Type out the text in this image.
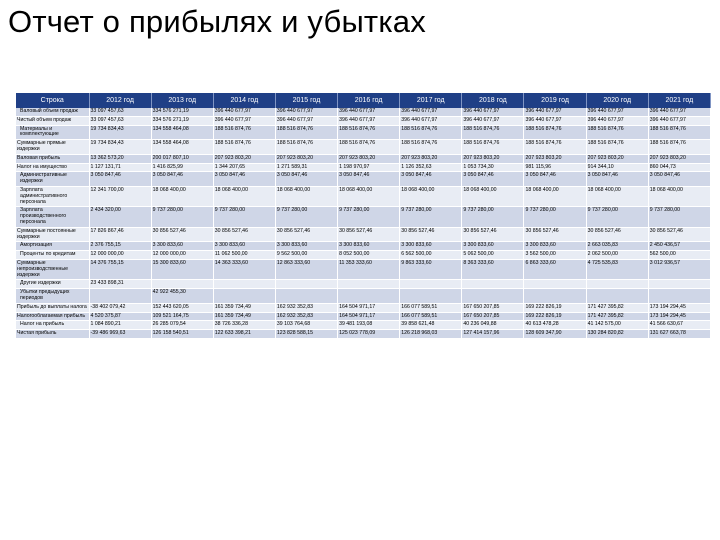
Отчет о прибылях и убытках
Строка	2012 год	2013 год	2014 год	2015 год	2016 год	2017 год	2018 год	2019 год	2020 год	2021 год
Валовый объем продаж	33 097 457,63	334 576 271,19	396 440 677,97	396 440 677,97	396 440 677,97	396 440 677,97	396 440 677,97	396 440 677,97	396 440 677,97	396 440 677,97
Чистый объем продаж	33 097 457,63	334 576 271,19	396 440 677,97	396 440 677,97	396 440 677,97	396 440 677,97	396 440 677,97	396 440 677,97	396 440 677,97	396 440 677,97
Материалы и комплектующие	19 734 834,43	134 558 464,08	188 516 874,76	188 516 874,76	188 516 874,76	188 516 874,76	188 516 874,76	188 516 874,76	188 516 874,76	188 516 874,76
Суммарные прямые издержки	19 734 834,43	134 558 464,08	188 516 874,76	188 516 874,76	188 516 874,76	188 516 874,76	188 516 874,76	188 516 874,76	188 516 874,76	188 516 874,76
Валовая прибыль	13 362 573,20	200 017 807,10	207 923 803,20	207 923 803,20	207 923 803,20	207 923 803,20	207 923 803,20	207 923 803,20	207 923 803,20	207 923 803,20
Налог на имущество	1 127 131,71	1 416 825,99	1 344 207,65	1 271 589,31	1 198 970,97	1 126 352,63	1 053 734,30	981 115,96	914 344,10	860 044,73
Административные издержки	3 050 847,46	3 050 847,46	3 050 847,46	3 050 847,46	3 050 847,46	3 050 847,46	3 050 847,46	3 050 847,46	3 050 847,46	3 050 847,46
Зарплата административного персонала	12 341 700,00	18 068 400,00	18 068 400,00	18 068 400,00	18 068 400,00	18 068 400,00	18 068 400,00	18 068 400,00	18 068 400,00	18 068 400,00
Зарплата производственного персонала	2 434 320,00	9 737 280,00	9 737 280,00	9 737 280,00	9 737 280,00	9 737 280,00	9 737 280,00	9 737 280,00	9 737 280,00	9 737 280,00
Суммарные постоянные издержки	17 826 867,46	30 856 527,46	30 856 527,46	30 856 527,46	30 856 527,46	30 856 527,46	30 856 527,46	30 856 527,46	30 856 527,46	30 856 527,46
Амортизация	2 376 755,15	3 300 833,60	3 300 833,60	3 300 833,60	3 300 833,60	3 300 833,60	3 300 833,60	3 300 833,60	2 663 035,83	2 450 436,57
Проценты по кредитам	12 000 000,00	12 000 000,00	11 062 500,00	9 562 500,00	8 052 500,00	6 562 500,00	5 062 500,00	3 562 500,00	2 062 500,00	562 500,00
Суммарные непроизводственные издержки	14 376 755,15	15 300 833,60	14 363 333,60	12 863 333,60	11 353 333,60	9 863 333,60	8 363 333,60	6 863 333,60	4 725 535,83	3 012 936,57
Другие издержки	23 433 898,31									
Убытки предыдущих периодов		42 922 455,30								
Прибыль до выплаты налога	-38 402 079,42	152 443 620,05	161 359 734,49	162 932 352,83	164 504 971,17	166 077 589,51	167 650 207,85	169 222 826,19	171 427 395,82	173 194 294,45
Налогооблагаемая прибыль	4 520 375,87	109 521 164,75	161 359 734,49	162 932 352,83	164 504 971,17	166 077 589,51	167 650 207,85	169 222 826,19	171 427 395,82	173 194 294,45
Налог на прибыль	1 084 890,21	26 285 079,54	38 726 336,28	39 103 764,68	39 481 193,08	39 858 621,48	40 236 049,88	40 613 478,28	41 142 575,00	41 566 630,67
Чистая прибыль	-39 486 969,63	126 158 540,51	122 633 398,21	123 828 588,15	125 023 778,09	126 218 968,03	127 414 157,96	128 609 347,90	130 284 820,82	131 627 663,78
